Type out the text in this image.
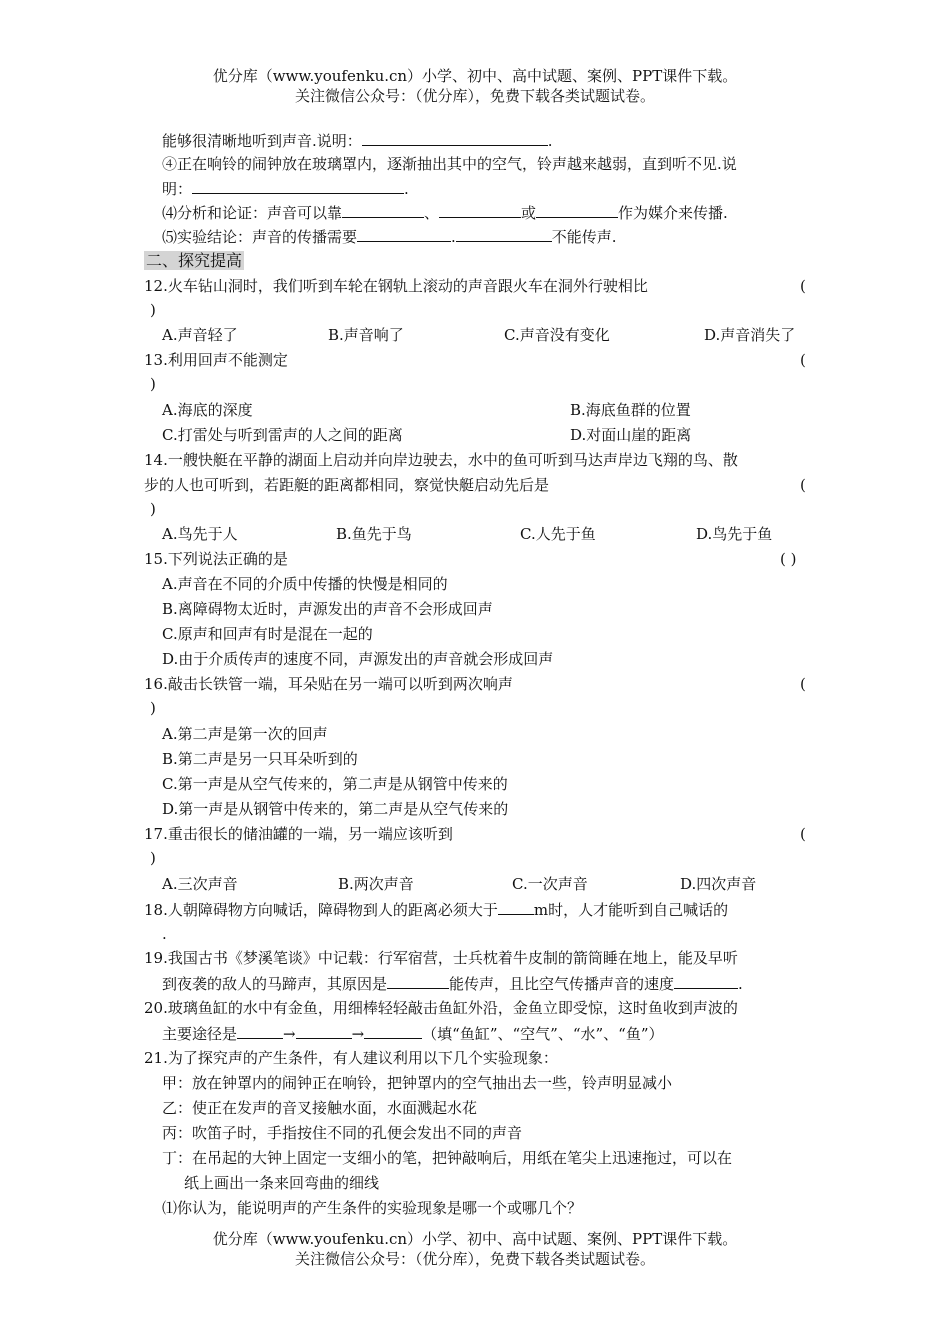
优分库（www.youfenku.cn）小学、初中、高中试题、案例、PPT课件下载。
关注微信公众号：（优分库），免费下载各类试题试卷。
能够很清晰地听到声音.说明：	.
④正在响铃的闹钟放在玻璃罩内，逐渐抽出其中的空气，铃声越来越弱，直到听不见.说
明：	.
⑷分析和论证：声音可以靠	、	或	作为媒介来传播.
⑸实验结论：声音的传播需要	.	不能传声.
二、探究提高
12.火车钻山洞时，我们听到车轮在钢轨上滚动的声音跟火车在洞外行驶相比	(
)
A.声音轻了	B.声音响了	C.声音没有变化	D.声音消失了
13.利用回声不能测定	(
)
A.海底的深度	B.海底鱼群的位置
C.打雷处与听到雷声的人之间的距离	D.对面山崖的距离
14.一艘快艇在平静的湖面上启动并向岸边驶去，水中的鱼可听到马达声岸边飞翔的鸟、散
步的人也可听到，若距艇的距离都相同，察觉快艇启动先后是	(
)
A.鸟先于人	B.鱼先于鸟	C.人先于鱼	D.鸟先于鱼
15.下列说法正确的是	( )
A.声音在不同的介质中传播的快慢是相同的
B.离障碍物太近时，声源发出的声音不会形成回声
C.原声和回声有时是混在一起的
D.由于介质传声的速度不同，声源发出的声音就会形成回声
16.敲击长铁管一端，耳朵贴在另一端可以听到两次响声	(
)
A.第二声是第一次的回声
B.第二声是另一只耳朵听到的
C.第一声是从空气传来的，第二声是从钢管中传来的
D.第一声是从钢管中传来的，第二声是从空气传来的
17.重击很长的储油罐的一端，另一端应该听到	(
)
A.三次声音	B.两次声音	C.一次声音	D.四次声音
18.人朝障碍物方向喊话，障碍物到人的距离必须大于 m时，人才能听到自己喊话的
.
19.我国古书《梦溪笔谈》中记载：行军宿营，士兵枕着牛皮制的箭筒睡在地上，能及早听
到夜袭的敌人的马蹄声，其原因是	能传声，且比空气传播声音的速度	.
20.玻璃鱼缸的水中有金鱼，用细棒轻轻敲击鱼缸外沿，金鱼立即受惊，这时鱼收到声波的
主要途径是	→	→	（填“鱼缸”、“空气”、“水”、“鱼”）
21.为了探究声的产生条件，有人建议利用以下几个实验现象：
甲：放在钟罩内的闹钟正在响铃，把钟罩内的空气抽出去一些，铃声明显减小
乙：使正在发声的音叉接触水面，水面溅起水花
丙：吹笛子时，手指按住不同的孔便会发出不同的声音
丁：在吊起的大钟上固定一支细小的笔，把钟敲响后，用纸在笔尖上迅速拖过，可以在
纸上画出一条来回弯曲的细线
⑴你认为，能说明声的产生条件的实验现象是哪一个或哪几个？
优分库（www.youfenku.cn）小学、初中、高中试题、案例、PPT课件下载。
关注微信公众号：（优分库），免费下载各类试题试卷。
